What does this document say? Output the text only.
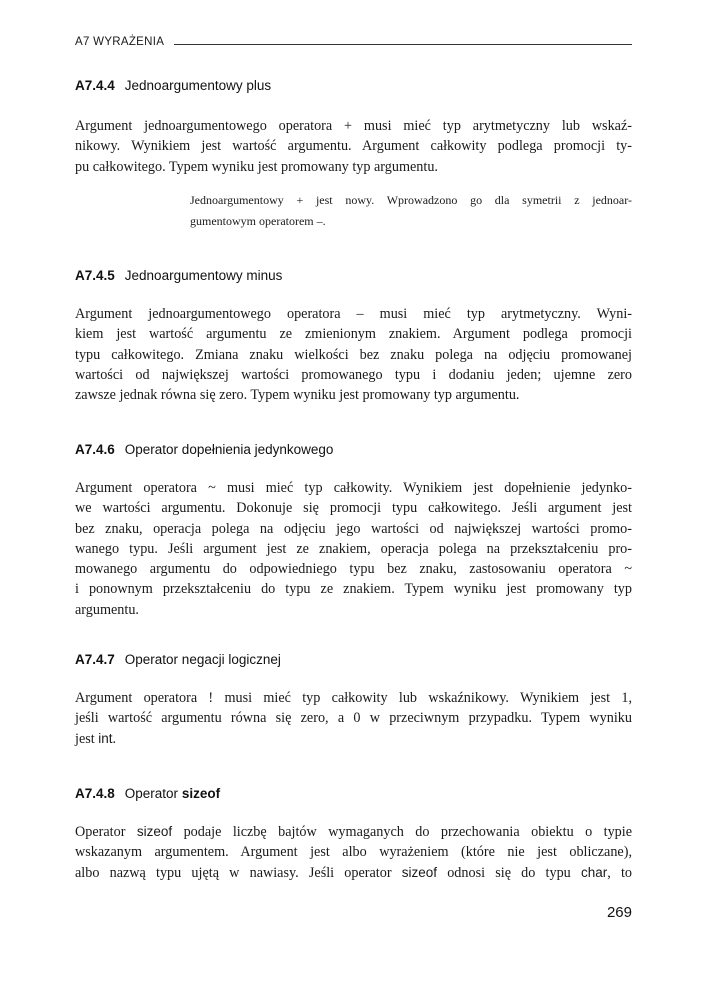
A7 WYRAŻENIA
A7.4.4 Jednoargumentowy plus
Argument jednoargumentowego operatora + musi mieć typ arytmetyczny lub wskaź-
nikowy. Wynikiem jest wartość argumentu. Argument całkowity podlega promocji ty-
pu całkowitego. Typem wyniku jest promowany typ argumentu.
Jednoargumentowy + jest nowy. Wprowadzono go dla symetrii z jednoar-
gumentowym operatorem –.
A7.4.5 Jednoargumentowy minus
Argument jednoargumentowego operatora – musi mieć typ arytmetyczny. Wyni-
kiem jest wartość argumentu ze zmienionym znakiem. Argument podlega promocji
typu całkowitego. Zmiana znaku wielkości bez znaku polega na odjęciu promowanej
wartości od największej wartości promowanego typu i dodaniu jeden; ujemne zero
zawsze jednak równa się zero. Typem wyniku jest promowany typ argumentu.
A7.4.6 Operator dopełnienia jedynkowego
Argument operatora ~ musi mieć typ całkowity. Wynikiem jest dopełnienie jedynko-
we wartości argumentu. Dokonuje się promocji typu całkowitego. Jeśli argument jest
bez znaku, operacja polega na odjęciu jego wartości od największej wartości promo-
wanego typu. Jeśli argument jest ze znakiem, operacja polega na przekształceniu pro-
mowanego argumentu do odpowiedniego typu bez znaku, zastosowaniu operatora ~
i ponownym przekształceniu do typu ze znakiem. Typem wyniku jest promowany typ
argumentu.
A7.4.7 Operator negacji logicznej
Argument operatora ! musi mieć typ całkowity lub wskaźnikowy. Wynikiem jest 1,
jeśli wartość argumentu równa się zero, a 0 w przeciwnym przypadku. Typem wyniku
jest int.
A7.4.8 Operator sizeof
Operator sizeof podaje liczbę bajtów wymaganych do przechowania obiektu o typie
wskazanym argumentem. Argument jest albo wyrażeniem (które nie jest obliczane),
albo nazwą typu ujętą w nawiasy. Jeśli operator sizeof odnosi się do typu char, to
269
